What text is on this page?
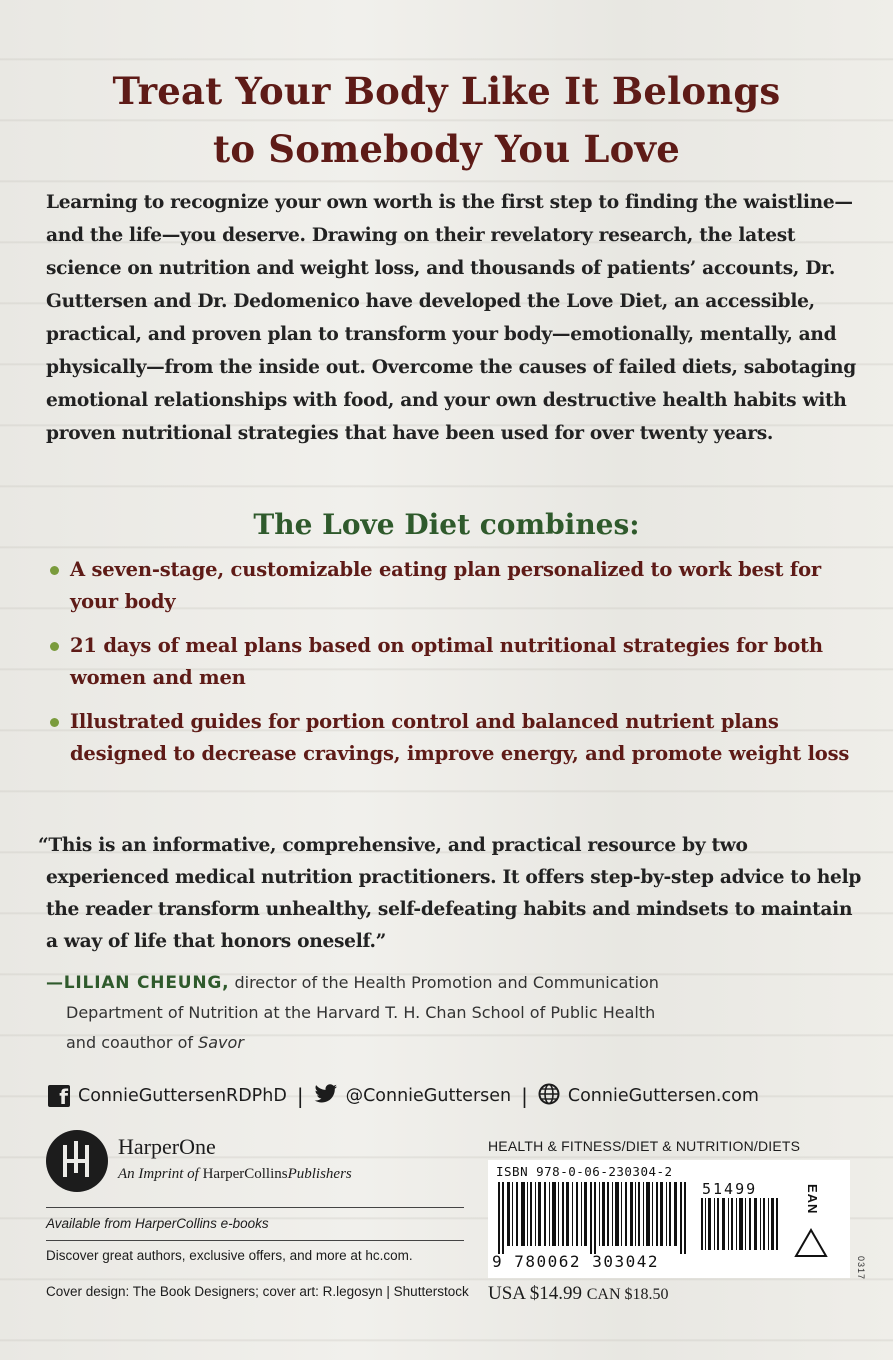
Treat Your Body Like It Belongs
to Somebody You Love

Learning to recognize your own worth is the first step to finding the waistline—and the life—you deserve. Drawing on their revelatory research, the latest science on nutrition and weight loss, and thousands of patients’ accounts, Dr. Guttersen and Dr. Dedomenico have developed the Love Diet, an accessible, practical, and proven plan to transform your body—emotionally, mentally, and physically—from the inside out. Overcome the causes of failed diets, sabotaging emotional relationships with food, and your own destructive health habits with proven nutritional strategies that have been used for over twenty years.

The Love Diet combines:
A seven-stage, customizable eating plan personalized to work best for your body
21 days of meal plans based on optimal nutritional strategies for both women and men
Illustrated guides for portion control and balanced nutrient plans designed to decrease cravings, improve energy, and promote weight loss
“This is an informative, comprehensive, and practical resource by two experienced medical nutrition practitioners. It offers step-by-step advice to help the reader transform unhealthy, self-defeating habits and mindsets to maintain a way of life that honors oneself.”
—LILIAN CHEUNG, director of the Health Promotion and Communication
Department of Nutrition at the Harvard T. H. Chan School of Public Health
and coauthor of Savor
f ConnieGuttersenRDPhD | @ConnieGuttersen | ConnieGuttersen.com
HarperOne
An Imprint of HarperCollinsPublishers
Available from HarperCollins e-books
Discover great authors, exclusive offers, and more at hc.com.
Cover design: The Book Designers; cover art: R.legosyn | Shutterstock
HEALTH & FITNESS/DIET & NUTRITION/DIETS
ISBN 978-0-06-230304-2
9 780062 303042
51499	EAN
USA $14.99 CAN $18.50
0317
